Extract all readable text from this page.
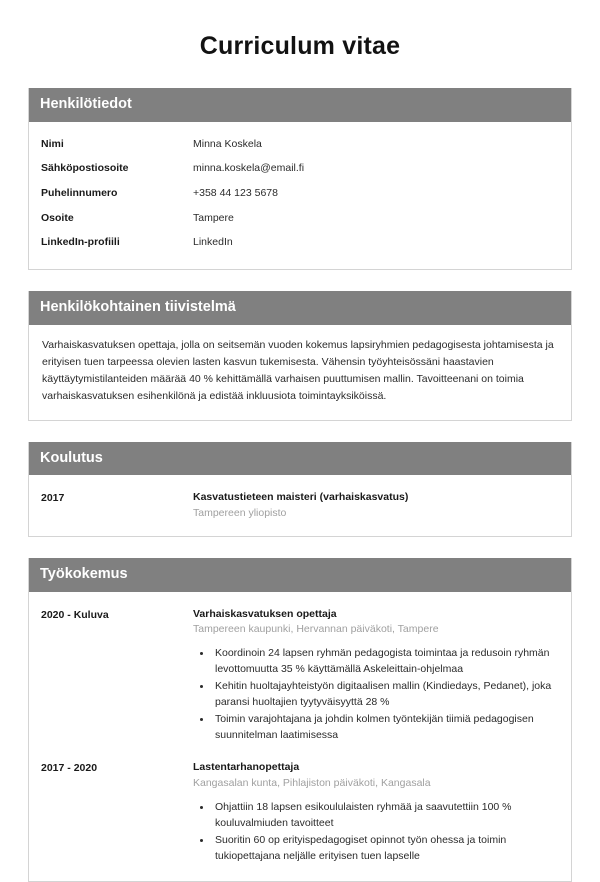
Curriculum vitae
Henkilötiedot
Nimi	Minna Koskela
Sähköpostiosoite	minna.koskela@email.fi
Puhelinnumero	+358 44 123 5678
Osoite	Tampere
LinkedIn-profiili	LinkedIn
Henkilökohtainen tiivistelmä

Varhaiskasvatuksen opettaja, jolla on seitsemän vuoden kokemus lapsiryhmien pedagogisesta johtamisesta ja erityisen tuen tarpeessa olevien lasten kasvun tukemisesta. Vähensin työyhteisössäni haastavien käyttäytymistilanteiden määrää 40 % kehittämällä varhaisen puuttumisen mallin. Tavoitteenani on toimia varhaiskasvatuksen esihenkilönä ja edistää inkluusiota toimintayksiköissä.

Koulutus
2017	Kasvatustieteen maisteri (varhaiskasvatus)
Tampereen yliopisto
Työkokemus
2020 - Kuluva	Varhaiskasvatuksen opettaja
Tampereen kaupunki, Hervannan päiväkoti, Tampere
• Koordinoin 24 lapsen ryhmän pedagogista toimintaa ja redusoin ryhmän levottomuutta 35 % käyttämällä Askeleittain-ohjelmaa
• Kehitin huoltajayhteistyön digitaalisen mallin (Kindiedays, Pedanet), joka paransi huoltajien tyytyväisyyttä 28 %
• Toimin varajohtajana ja johdin kolmen työntekijän tiimiä pedagogisen suunnitelman laatimisessa
2017 - 2020	Lastentarhanopettaja
Kangasalan kunta, Pihlajiston päiväkoti, Kangasala
• Ohjattiin 18 lapsen esikoululaisten ryhmää ja saavutettiin 100 % kouluvalmiuden tavoitteet
• Suoritin 60 op erityispedagogiset opinnot työn ohessa ja toimin tukiopettajana neljälle erityisen tuen lapselle
